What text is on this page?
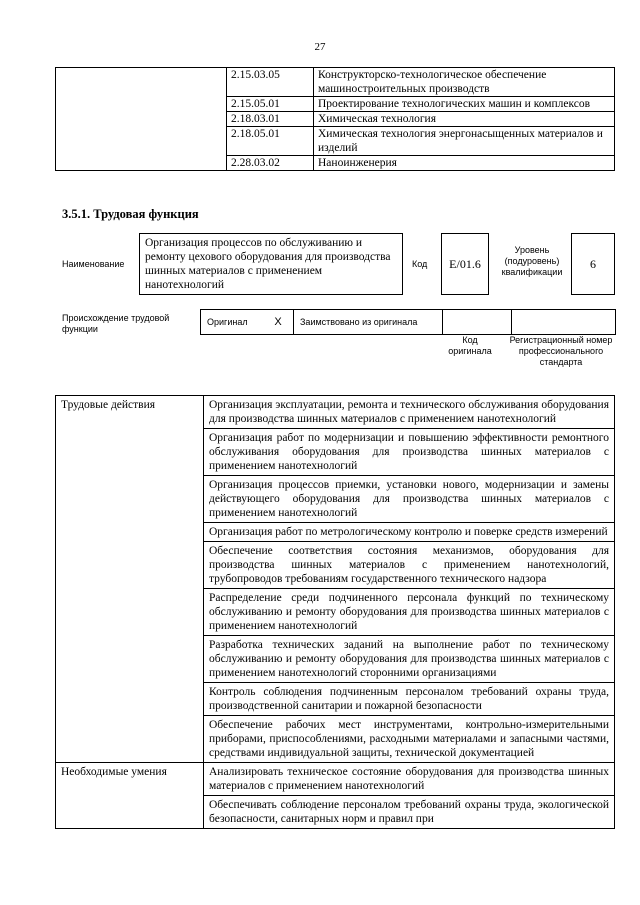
27
	2.15.03.05	Конструкторско-технологическое обеспечение машиностроительных производств
	2.15.05.01	Проектирование технологических машин и комплексов
	2.18.03.01	Химическая технология
	2.18.05.01	Химическая технология энергонасыщенных материалов и изделий
	2.28.03.02	Наноинженерия
3.5.1. Трудовая функция
Наименование
Организация процессов по обслуживанию и ремонту цехового оборудования для производства шинных материалов с применением нанотехнологий
Код	E/01.6
Уровень (подуровень) квалификации
6
Происхождение трудовой функции
Оригинал	X	Заимствовано из оригинала		
Код оригинала
Регистрационный номер профессионального стандарта
Трудовые действия	Организация эксплуатации, ремонта и технического обслуживания оборудования для производства шинных материалов с применением нанотехнологий
	Организация работ по модернизации и повышению эффективности ремонтного обслуживания оборудования для производства шинных материалов с применением нанотехнологий
	Организация процессов приемки, установки нового, модернизации и замены действующего оборудования для производства шинных материалов с применением нанотехнологий
	Организация работ по метрологическому контролю и поверке средств измерений
	Обеспечение соответствия состояния механизмов, оборудования для производства шинных материалов с применением нанотехнологий, трубопроводов требованиям государственного технического надзора
	Распределение среди подчиненного персонала функций по техническому обслуживанию и ремонту оборудования для производства шинных материалов с применением нанотехнологий
	Разработка технических заданий на выполнение работ по техническому обслуживанию и ремонту оборудования для производства шинных материалов с применением нанотехнологий сторонними организациями
	Контроль соблюдения подчиненным персоналом требований охраны труда, производственной санитарии и пожарной безопасности
	Обеспечение рабочих мест инструментами, контрольно-измерительными приборами, приспособлениями, расходными материалами и запасными частями, средствами индивидуальной защиты, технической документацией
Необходимые умения	Анализировать техническое состояние оборудования для производства шинных материалов с применением нанотехнологий
	Обеспечивать соблюдение персоналом требований охраны труда, экологической безопасности, санитарных норм и правил при
